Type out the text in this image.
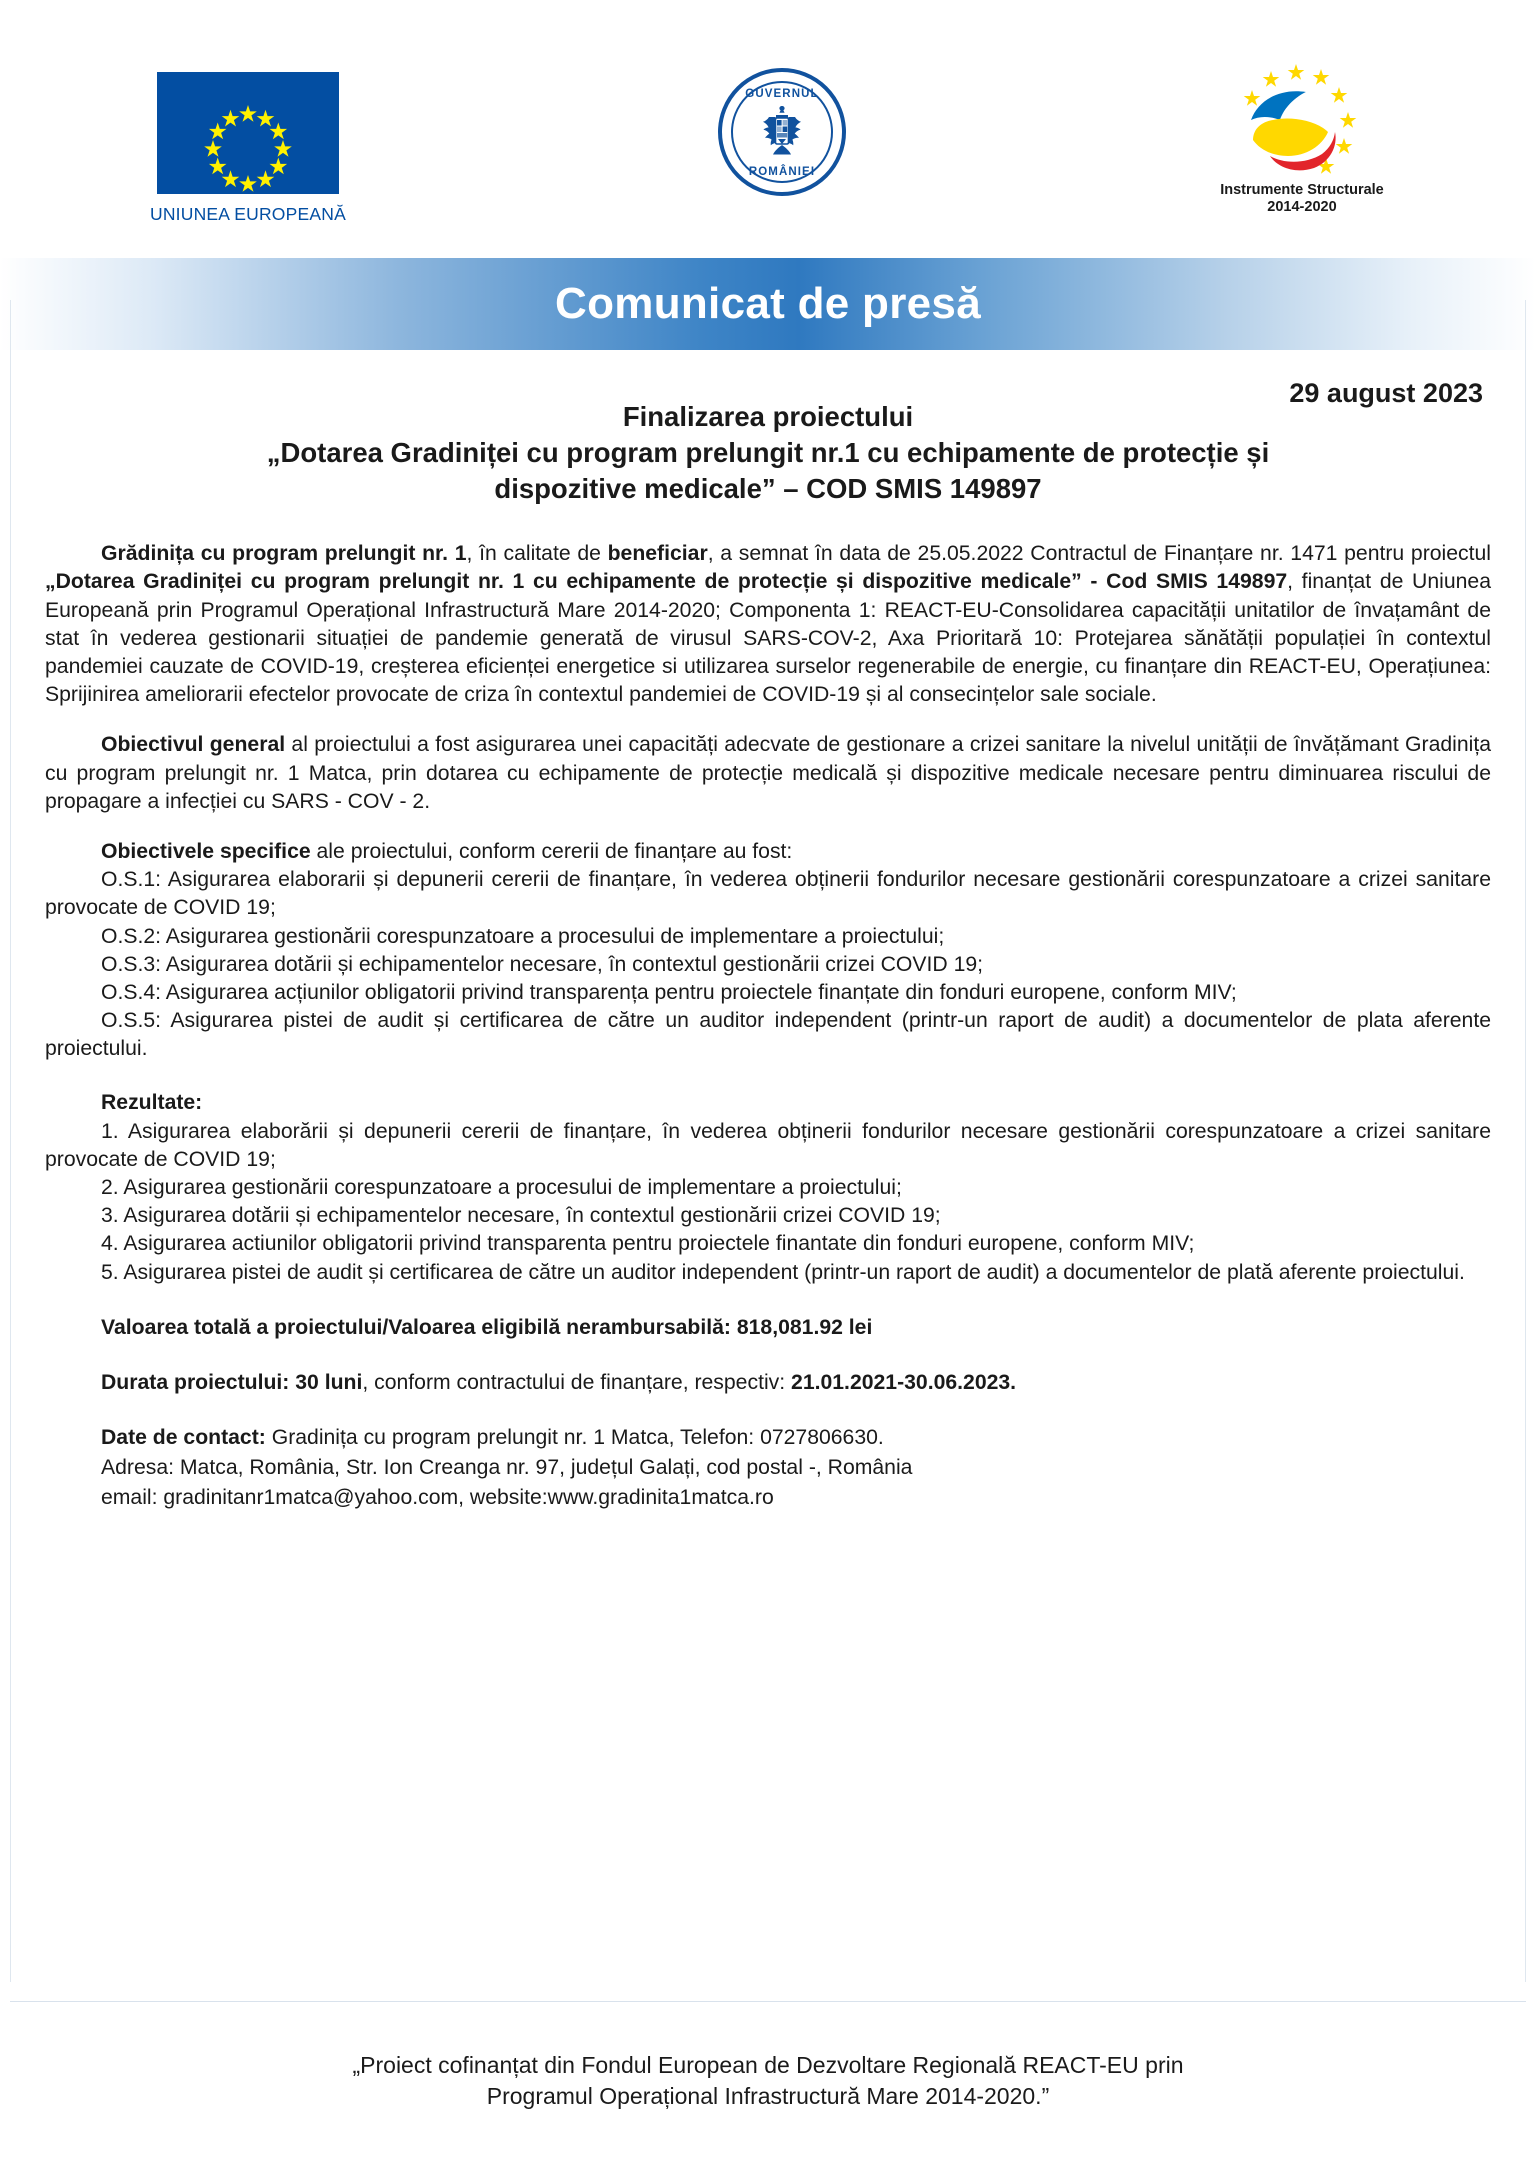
UNIUNEA EUROPEANĂ
GUVERNUL
ROMÂNIEI
Instrumente Structurale
2014-2020
Comunicat de presă
29 august 2023
Finalizarea proiectului
„Dotarea Gradiniței cu program prelungit nr.1 cu echipamente de protecție și
dispozitive medicale” – COD SMIS 149897

Grădinița cu program prelungit nr. 1, în calitate de beneficiar, a semnat în data de 25.05.2022 Contractul de Finanțare nr. 1471 pentru proiectul „Dotarea Gradiniței cu program prelungit nr. 1 cu echipamente de protecție și dispozitive medicale” - Cod SMIS 149897, finanțat de Uniunea Europeană prin Programul Operațional Infrastructură Mare 2014-2020; Componenta 1: REACT-EU-Consolidarea capacității unitatilor de învațamânt de stat în vederea gestionarii situației de pandemie generată de virusul SARS-COV-2, Axa Prioritară 10: Protejarea sănătății populației în contextul pandemiei cauzate de COVID-19, creșterea eficienței energetice si utilizarea surselor regenerabile de energie, cu finanțare din REACT-EU, Operațiunea: Sprijinirea ameliorarii efectelor provocate de criza în contextul pandemiei de COVID-19 și al consecințelor sale sociale.

Obiectivul general al proiectului a fost asigurarea unei capacități adecvate de gestionare a crizei sanitare la nivelul unității de învățămant Gradinița cu program prelungit nr. 1 Matca, prin dotarea cu echipamente de protecție medicală și dispozitive medicale necesare pentru diminuarea riscului de propagare a infecției cu SARS - COV - 2.

Obiectivele specifice ale proiectului, conform cererii de finanțare au fost:

O.S.1: Asigurarea elaborarii și depunerii cererii de finanțare, în vederea obținerii fondurilor necesare gestionării corespunzatoare a crizei sanitare provocate de COVID 19;

O.S.2: Asigurarea gestionării corespunzatoare a procesului de implementare a proiectului;

O.S.3: Asigurarea dotării și echipamentelor necesare, în contextul gestionării crizei COVID 19;

O.S.4: Asigurarea acțiunilor obligatorii privind transparența pentru proiectele finanțate din fonduri europene, conform MIV;

O.S.5: Asigurarea pistei de audit și certificarea de către un auditor independent (printr-un raport de audit) a documentelor de plata aferente proiectului.

Rezultate:

1. Asigurarea elaborării și depunerii cererii de finanțare, în vederea obținerii fondurilor necesare gestionării corespunzatoare a crizei sanitare provocate de COVID 19;

2. Asigurarea gestionării corespunzatoare a procesului de implementare a proiectului;

3. Asigurarea dotării și echipamentelor necesare, în contextul gestionării crizei COVID 19;

4. Asigurarea actiunilor obligatorii privind transparenta pentru proiectele finantate din fonduri europene, conform MIV;

5. Asigurarea pistei de audit și certificarea de către un auditor independent (printr-un raport de audit) a documentelor de plată aferente proiectului.

Valoarea totală a proiectului/Valoarea eligibilă nerambursabilă: 818,081.92 lei

Durata proiectului: 30 luni, conform contractului de finanțare, respectiv: 21.01.2021-30.06.2023.

Date de contact: Gradinița cu program prelungit nr. 1 Matca, Telefon: 0727806630.
Adresa: Matca, România, Str. Ion Creanga nr. 97, județul Galați, cod postal -, România
email: gradinitanr1matca@yahoo.com, website:www.gradinita1matca.ro
„Proiect cofinanțat din Fondul European de Dezvoltare Regională REACT-EU prin
Programul Operațional Infrastructură Mare 2014-2020.”
